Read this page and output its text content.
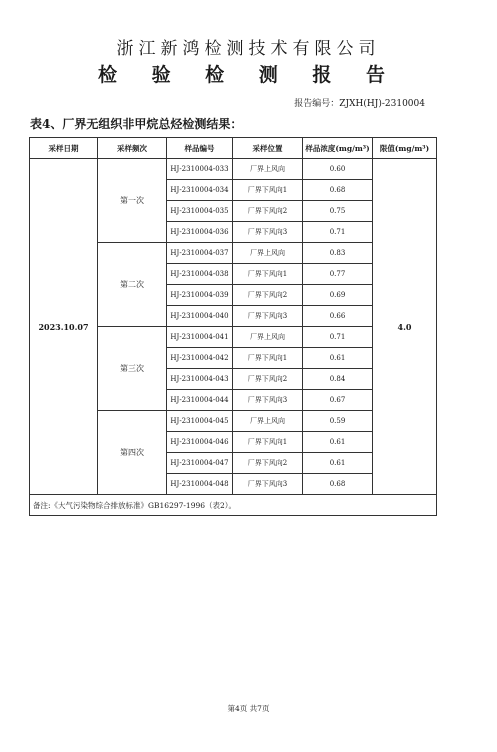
浙江新鸿检测技术有限公司
检 验 检 测 报 告
报告编号：ZJXH(HJ)-2310004
表4、厂界无组织非甲烷总烃检测结果：
采样日期	采样频次	样品编号	采样位置	样品浓度(mg/m³)	限值(mg/m³)
2023.10.07	第一次	HJ-2310004-033	厂界上风向	0.60	4.0
		HJ-2310004-034	厂界下风向1	0.68	
		HJ-2310004-035	厂界下风向2	0.75	
		HJ-2310004-036	厂界下风向3	0.71	
	第二次	HJ-2310004-037	厂界上风向	0.83	
		HJ-2310004-038	厂界下风向1	0.77	
		HJ-2310004-039	厂界下风向2	0.69	
		HJ-2310004-040	厂界下风向3	0.66	
	第三次	HJ-2310004-041	厂界上风向	0.71	
		HJ-2310004-042	厂界下风向1	0.61	
		HJ-2310004-043	厂界下风向2	0.84	
		HJ-2310004-044	厂界下风向3	0.67	
	第四次	HJ-2310004-045	厂界上风向	0.59	
		HJ-2310004-046	厂界下风向1	0.61	
		HJ-2310004-047	厂界下风向2	0.61	
		HJ-2310004-048	厂界下风向3	0.68	
备注:《大气污染物综合排放标准》GB16297-1996（表2）。					
第4页 共7页
